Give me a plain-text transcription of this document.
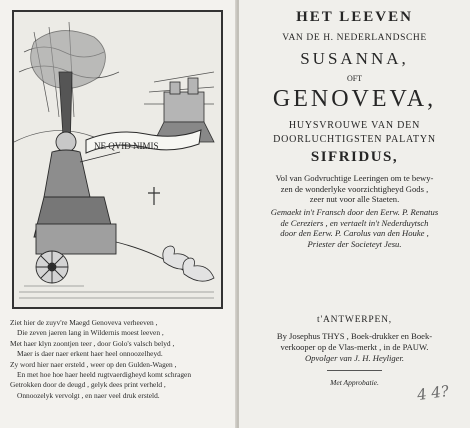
NE QVID NIMIS
Ziet hier de zuyv're Maegd Genoveva verheeven ,
Die zeven jaeren lang in Wildernis moest leeven ,
Met haer klyn zoontjen teer , door Golo's valsch belyd ,
Maer is daer naer erkent haer heel onnoozelheyd.
Zy word hier naer ersteld , weer op den Gulden-Wagen ,
En met hoe hoe haer heeld rugtvaerdigheyd komt schragen
Getrokken door de deugd , gelyk dees print verheld ,
Onnoozelyk vervolgt , en naer veel druk ersteld.
HET LEEVEN
VAN DE H. NEDERLANDSCHE
SUSANNA,
OFT
GENOVEVA,
HUYSVROUWE VAN DEN
DOORLUCHTIGSTEN PALATYN
SIFRIDUS,
Vol van Godvruchtige Leeringen om te bewy-
zen de wonderlyke voorzichtigheyd Gods ,
zeer nut voor alle Staeten.
Gemaekt in't Fransch door den Eerw. P. Renatus
de Cereziers , en vertaelt in't Nederduytsch
door den Eerw. P. Carolus van den Houke ,
Priester der Societeyt Jesu.
t'ANTWERPEN,
By Josephus THYS , Boek-drukker en Boek-
verkooper op de Vlas-merkt , in de PAUW.
Opvolger van J. H. Heyliger.
Met Approbatie.	4 4?
